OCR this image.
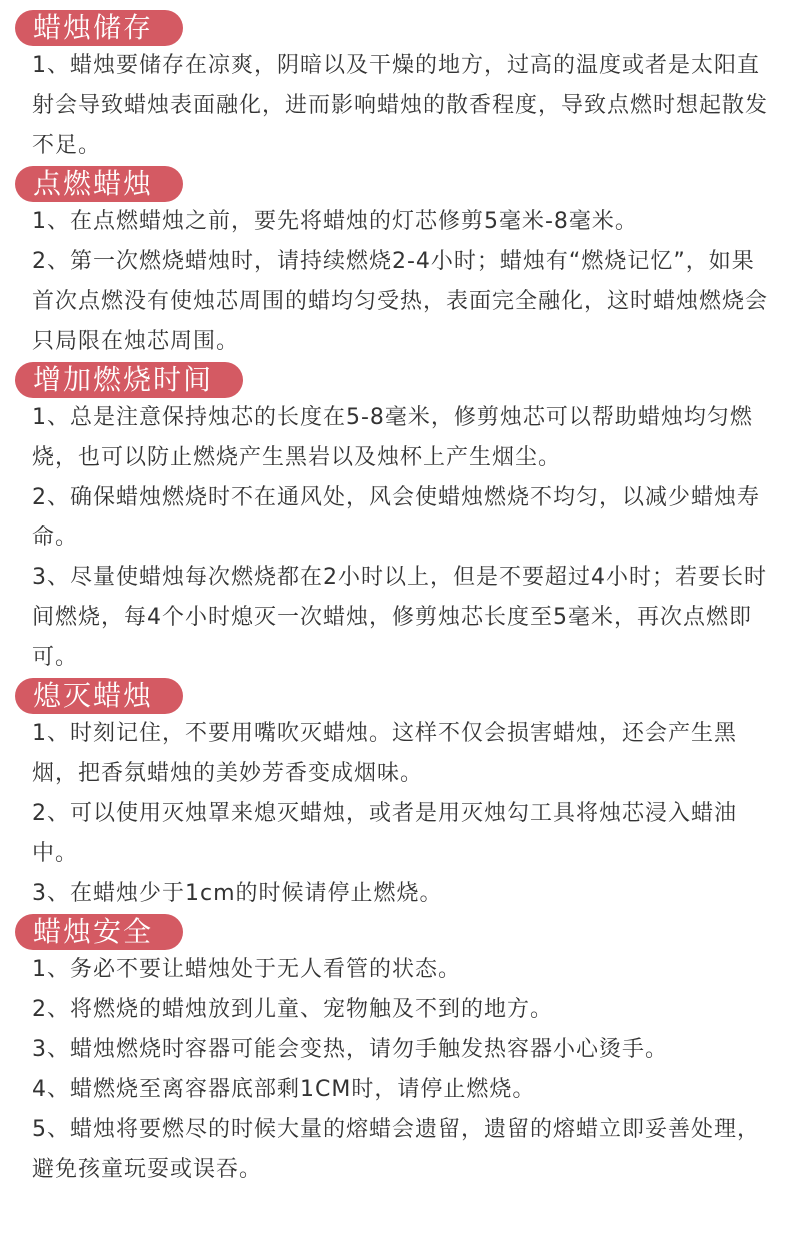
蜡烛储存

1、蜡烛要储存在凉爽，阴暗以及干燥的地方，过高的温度或者是太阳直射会导致蜡烛表面融化，进而影响蜡烛的散香程度，导致点燃时想起散发不足。

点燃蜡烛

1、在点燃蜡烛之前，要先将蜡烛的灯芯修剪5毫米-8毫米。

2、第一次燃烧蜡烛时，请持续燃烧2-4小时；蜡烛有“燃烧记忆”，如果首次点燃没有使烛芯周围的蜡均匀受热，表面完全融化，这时蜡烛燃烧会只局限在烛芯周围。

增加燃烧时间

1、总是注意保持烛芯的长度在5-8毫米，修剪烛芯可以帮助蜡烛均匀燃烧，也可以防止燃烧产生黑岩以及烛杯上产生烟尘。

2、确保蜡烛燃烧时不在通风处，风会使蜡烛燃烧不均匀，以减少蜡烛寿命。

3、尽量使蜡烛每次燃烧都在2小时以上，但是不要超过4小时；若要长时间燃烧，每4个小时熄灭一次蜡烛，修剪烛芯长度至5毫米，再次点燃即可。

熄灭蜡烛

1、时刻记住，不要用嘴吹灭蜡烛。这样不仅会损害蜡烛，还会产生黑烟，把香氛蜡烛的美妙芳香变成烟味。

2、可以使用灭烛罩来熄灭蜡烛，或者是用灭烛勾工具将烛芯浸入蜡油中。

3、在蜡烛少于1cm的时候请停止燃烧。

蜡烛安全

1、务必不要让蜡烛处于无人看管的状态。

2、将燃烧的蜡烛放到儿童、宠物触及不到的地方。

3、蜡烛燃烧时容器可能会变热，请勿手触发热容器小心烫手。

4、蜡燃烧至离容器底部剩1CM时，请停止燃烧。

5、蜡烛将要燃尽的时候大量的熔蜡会遗留，遗留的熔蜡立即妥善处理，避免孩童玩耍或误吞。
